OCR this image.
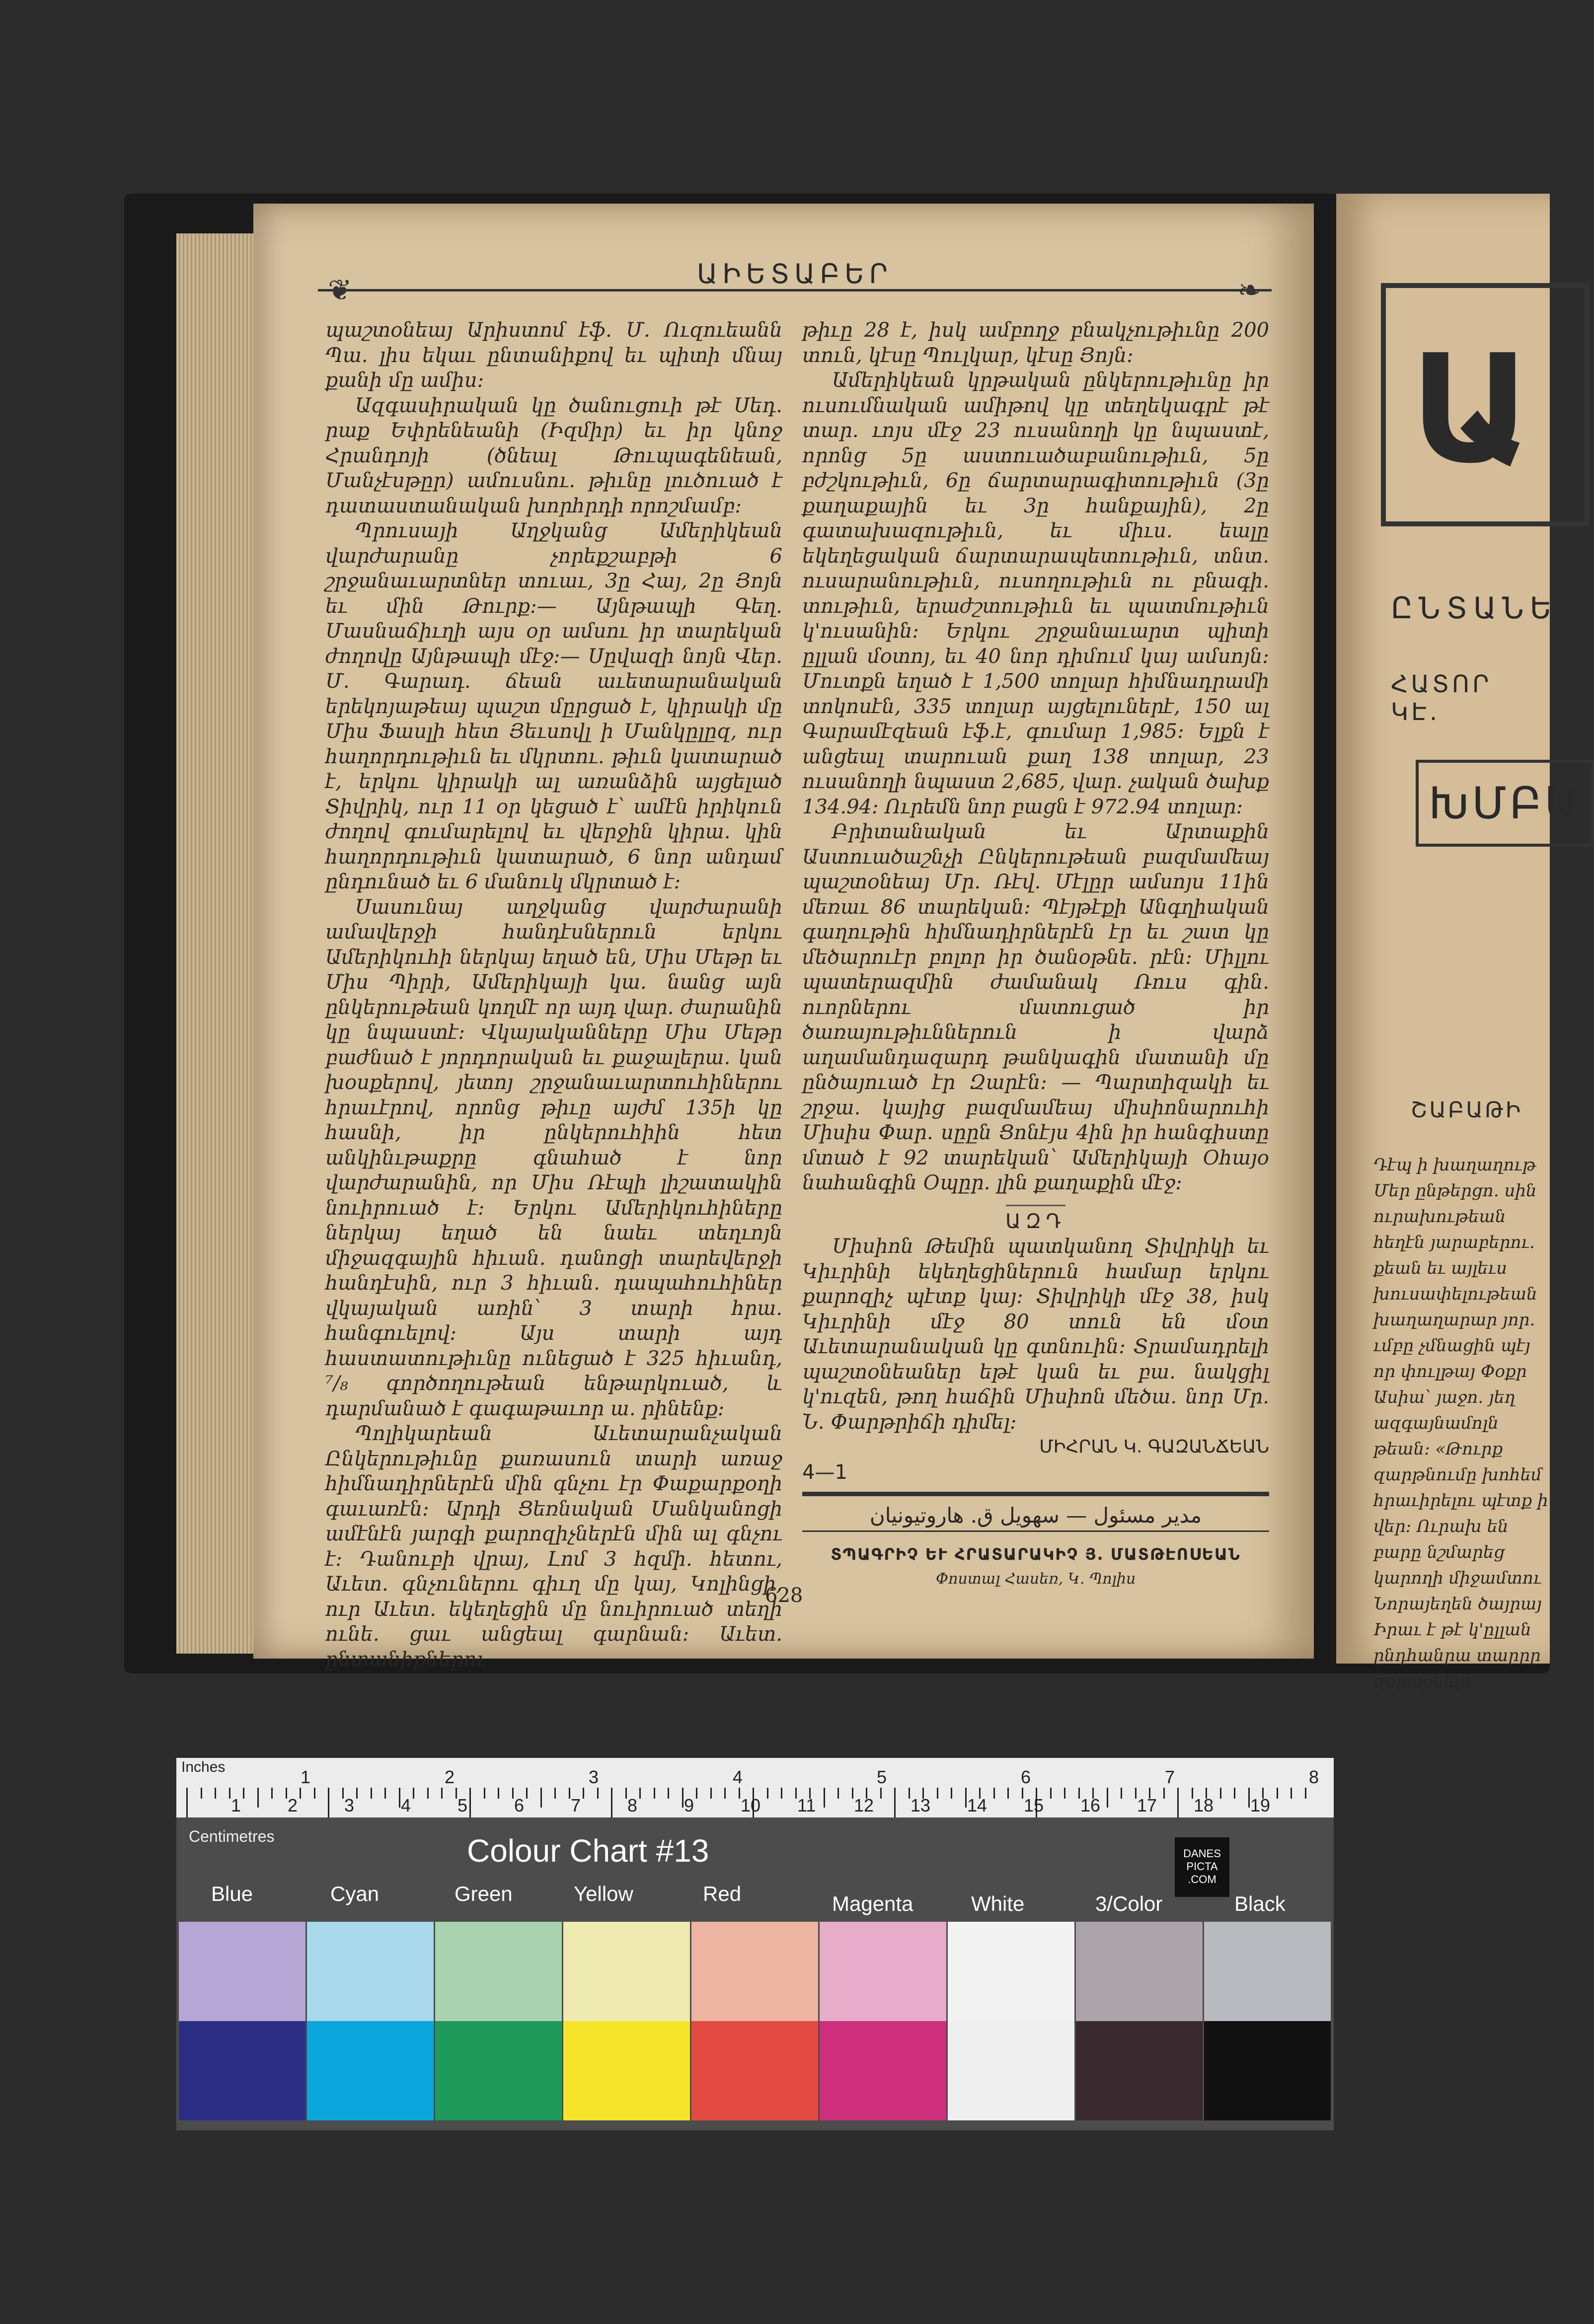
Ա
ԸՆՏԱՆԵ
ՀԱՏՈՐ ԿԷ.
ԽՄԲԱ
ՇԱԲԱԹԻ
Դէպ ի խաղաղութ Մեր ընթերցո. սին ուրախութեան հեղէն յարաբերու. քեան եւ այլեւս խուսափելութեան խաղաղարար յոր. ւմբը չմնացին պէյ որ փուլթայ Փօքր Ասիա՝ յաջո. յեղ ազգայնամոլն թեան։ «Թուրք զարթնումը խոհեմ հրաւիրելու պէտք ի վեր։ Ուրախ են բարը նշմարեց կարողի միջամտու Նորայեղեն ծայրայ Իրաւ է թէ կ'ըլլան ընդհանրա տարրը զօրացնելո
❦	ԱԻԵՏԱԲԵՐ	❧

պաշտօնեայ Արիստոմ էֆ. Մ. Ուզուեանն Պա. լիս եկաւ ընտանիքով եւ պիտի մնայ քանի մը ամիս։

Ազգասիրական կը ծանուցուի թէ Սեդ. րաք Եփրենեանի (Իզմիր) եւ իր կնոջ Հրանդոյի (ծնեալ Թուպագենեան, Մանչէսթըր) ամուսնու. թիւնը լուծուած է դատաստանական խորհրդի որոշմամբ։

Պրուսայի Աղջկանց Ամերիկեան վարժարանը չորեքշաբթի 6 շրջանաւարտներ տուաւ, 3ը Հայ, 2ը Յոյն եւ մին Թուրք։— Այնթապի Գեղ. Մասնաճիւղի այս օր ամսու իր տարեկան ժողովը Այնթապի մէջ։— Սըվազի նոյն Վեր. Մ. Գարադ. ճեան աւետարանական երեկոյաթեայ պաշտ մըրցած է, կիրակի մը Միս Ֆասլի հետ Յեւսովլ ի Մանկըլըզ, ուր հաղորդութիւն եւ մկրտու. թիւն կատարած է, երկու կիրակի ալ առանձին այցելած Տիվրիկ, ուր 11 օր կեցած է՝ ամէն իրիկուն ժողով գումարելով եւ վերջին կիրա. կին հաղորդութիւն կատարած, 6 նոր անդամ ընդունած եւ 6 մանուկ մկրտած է։

Սասունայ աղջկանց վարժարանի ամավերջի հանդէսներուն երկու Ամերիկուհի ներկայ եղած են, Միս Մեթր եւ Միս Պիրի, Ամերիկայի կա. նանց այն ընկերութեան կողմէ որ այդ վար. ժարանին կը նպաստէ։ Վկայականները Միս Մեթր բաժնած է յորդորական եւ քաջալերա. կան խօսքերով, յետոյ շրջանաւարտուհիներու հրաւէրով, որոնց թիւը այժմ 135ի կը հասնի, իր ընկերուհիին հետ անկինւթաքրը գնահած է նոր վարժարանին, որ Միս Ռէպի լիշատակին նուիրուած է։ Երկու Ամերիկուհիները ներկայ եղած են նաեւ տեղւոյն միջազգային հիւան. դանոցի տարեվերջի հանդէսին, ուր 3 հիւան. դապահուհիներ վկայական առին՝ 3 տարի հրա. հանգուելով։ Այս տարի այդ հաստատութիւնը ունեցած է 325 հիւանդ, ⁷/₈ գործողութեան ենթարկուած, և դարմանած է գագաթաւոր ա. րինենք։

Պոլիկարեան Աւետարանչական Ընկերութիւնը քառասուն տարի առաջ հիմնադիրներէն մին գնչու էր Փաքարքօղի գաւառէն։ Արդի Ցեռնական Մանկանոցի ամէնէն յարգի քարոզիչներէն մին ալ գնչու է։ Դանուբի վրայ, Լոմ 3 հզմի. հետու, Աւետ. գնչուներու գիւղ մը կայ, Կոլինցի, ուր Աւետ. եկեղեցին մը նուիրուած տեղի ունե. ցաւ անցեալ գարնան։ Աւետ. ընտանիքներու

թիւը 28 է, իսկ ամբողջ բնակչութիւնը 200 տուն, կէսը Պուլկար, կէսը Յոյն։

Ամերիկեան կրթական ընկերութիւնը իր ուսումնական ամիթով կը տեղեկագրէ թէ տար. ւոյս մէջ 23 ուսանողի կը նպաստէ, որոնց 5ը աստուածաբանութիւն, 5ը բժշկութիւն, 6ը ճարտարագիտութիւն (3ը քաղաքային եւ 3ը հանքային), 2ը գատախազութիւն, եւ միւս. եալը եկեղեցական ճարտարապետութիւն, տնտ. ուսարանութիւն, ուսողութիւն ու բնագի. տութիւն, երաժշտութիւն եւ պատմութիւն կ'ուսանին։ Երկու շրջանաւարտ պիտի ըլլան մօտոյ, եւ 40 նոր դիմում կայ ամսոյն։ Մուտքն եղած է 1,500 տոլար հիմնադրամի տոկոսէն, 335 տոլար այցելուներէ, 150 ալ Գարամէզեան էֆ.է, գումար 1,985։ Ելքն է անցեալ տարուան քաղ 138 տոլար, 23 ուսանողի նպաստ 2,685, վար. չական ծախք 134.94։ Ուրեմն նոր բացն է 972.94 տոլար։

Բրիտանական եւ Արտաքին Աստուածաշնչի Ընկերութեան բազմամեայ պաշտօնեայ Մր. Ռէվ. Մէլըր ամսոյս 11ին մեռաւ 86 տարեկան։ Պէյթէքի Անգղիական գաղութին հիմնադիրներէն էր եւ շատ կը մեծարուէր բոլոր իր ծանօթնե. րէն։ Միլլու պատերազմին ժամանակ Ռուս գին. ուորներու մատուցած իր ծառայութիւններուն ի վարձ աղամանդազարդ թանկագին մատանի մը ընծայուած էր Զարէն։ — Պարտիզակի եւ շրջա. կայից բազմամեայ միսիոնարուհի Միսիս Փար. սըըն Ցոնէյս 4ին իր հանգիստը մտած է 92 տարեկան՝ Ամերիկայի Օհայօ նահանգին Օպըր. լին քաղաքին մէջ։

ԱԶԴ

Միսիոն Թեմին պատկանող Տիվրիկի եւ Կիւրինի եկեղեցիներուն համար երկու քարոզիչ պէտք կայ։ Տիվրիկի մէջ 38, իսկ Կիւրինի մէջ 80 տուն են մօտ Աւետարանական կը գտնուին։ Տրամադրելի պաշտօնեաներ եթէ կան եւ բա. նակցիլ կ'ուզեն, թող հաճին Միսիոն մեծա. նոր Մր. Ն. Փարթրիճի դիմել։

ՄԻՀՐԱՆ Կ. ԳԱԶԱՆՃԵԱՆ
4—1
مدير مسئول — سهویل ق. هاروتیونیان
ՏՊԱԳՐԻՉ ԵՒ ՀՐԱՏԱՐԱԿԻՉ Յ. ՄԱՏԹԷՈՍԵԱՆ
Փոստալ Հասեռ, Կ. Պոլիս
628
Inches	1	2	3	4	5	6	7	8
Centimetres
1	2	3	4	5	6	7	8	9	10 11 12 13 14 15 16 17 18 19
Colour Chart #13	DANES PICTA .COM
Blue	Cyan	Green	Yellow	Red	Magenta	White	3/Color	Black
